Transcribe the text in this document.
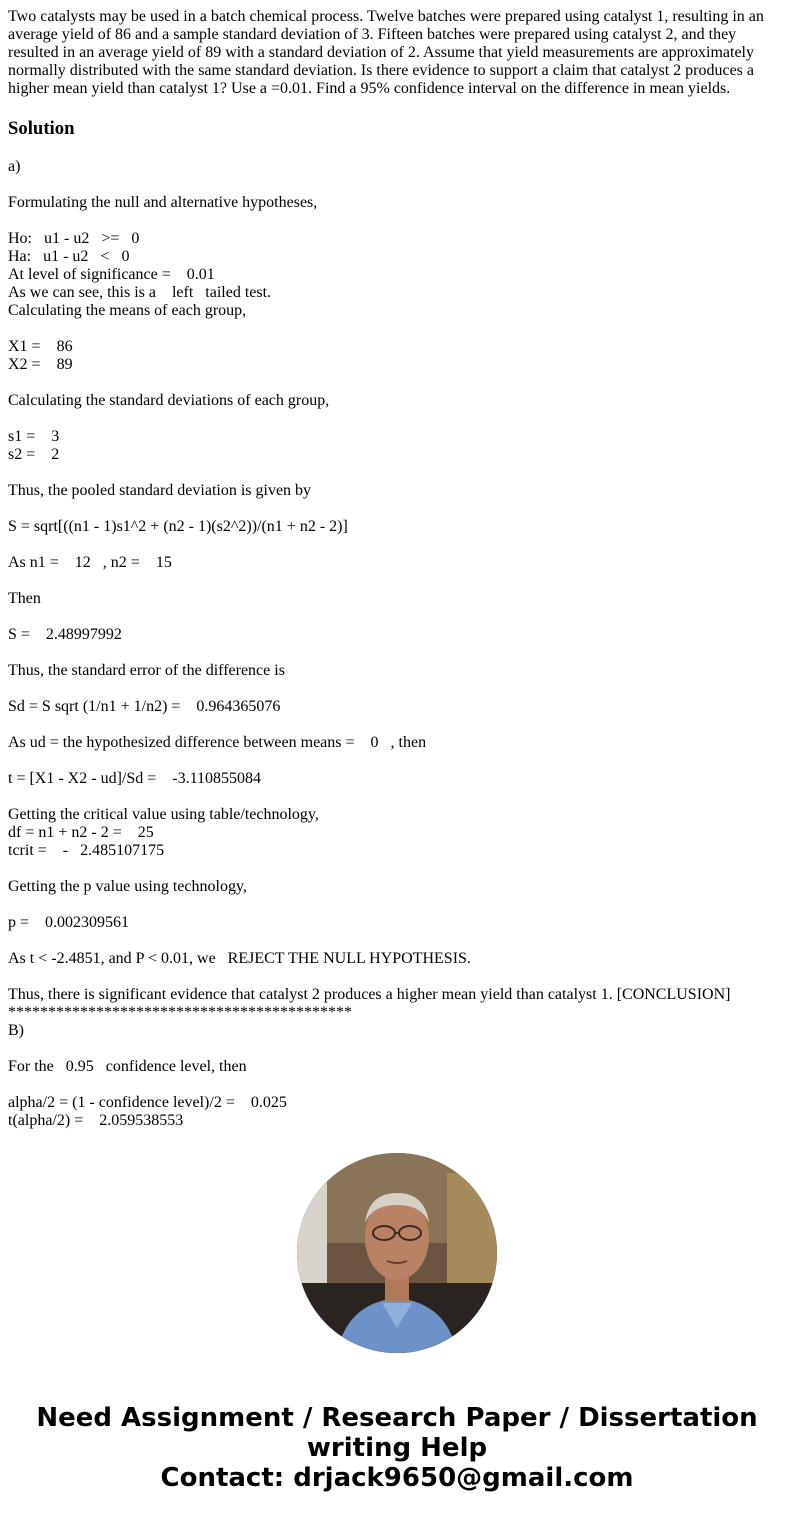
Two catalysts may be used in a batch chemical process. Twelve batches were prepared using catalyst 1, resulting in an average yield of 86 and a sample standard deviation of 3. Fifteen batches were prepared using catalyst 2, and they resulted in an average yield of 89 with a standard deviation of 2. Assume that yield measurements are approximately normally distributed with the same standard deviation. Is there evidence to support a claim that catalyst 2 produces a higher mean yield than catalyst 1? Use a =0.01. Find a 95% confidence interval on the difference in mean yields.
Solution
a)
Formulating the null and alternative hypotheses,
Ho:   u1 - u2   >=   0
Ha:   u1 - u2   <   0
At level of significance =    0.01
As we can see, this is a    left   tailed test.
Calculating the means of each group,
X1 =    86
X2 =    89
Calculating the standard deviations of each group,
s1 =    3
s2 =    2
Thus, the pooled standard deviation is given by
S = sqrt[((n1 - 1)s1^2 + (n2 - 1)(s2^2))/(n1 + n2 - 2)]
As n1 =    12   , n2 =    15
Then
S =    2.48997992
Thus, the standard error of the difference is
Sd = S sqrt (1/n1 + 1/n2) =    0.964365076
As ud = the hypothesized difference between means =    0   , then
t = [X1 - X2 - ud]/Sd =    -3.110855084
Getting the critical value using table/technology,
df = n1 + n2 - 2 =    25
tcrit =    -   2.485107175
Getting the p value using technology,
p =    0.002309561
As t < -2.4851, and P < 0.01, we   REJECT THE NULL HYPOTHESIS.
Thus, there is significant evidence that catalyst 2 produces a higher mean yield than catalyst 1. [CONCLUSION]
*******************************************
B)
For the   0.95   confidence level, then
alpha/2 = (1 - confidence level)/2 =    0.025
t(alpha/2) =    2.059538553
Need Assignment / Research Paper / Dissertation
writing Help
Contact: drjack9650@gmail.com
